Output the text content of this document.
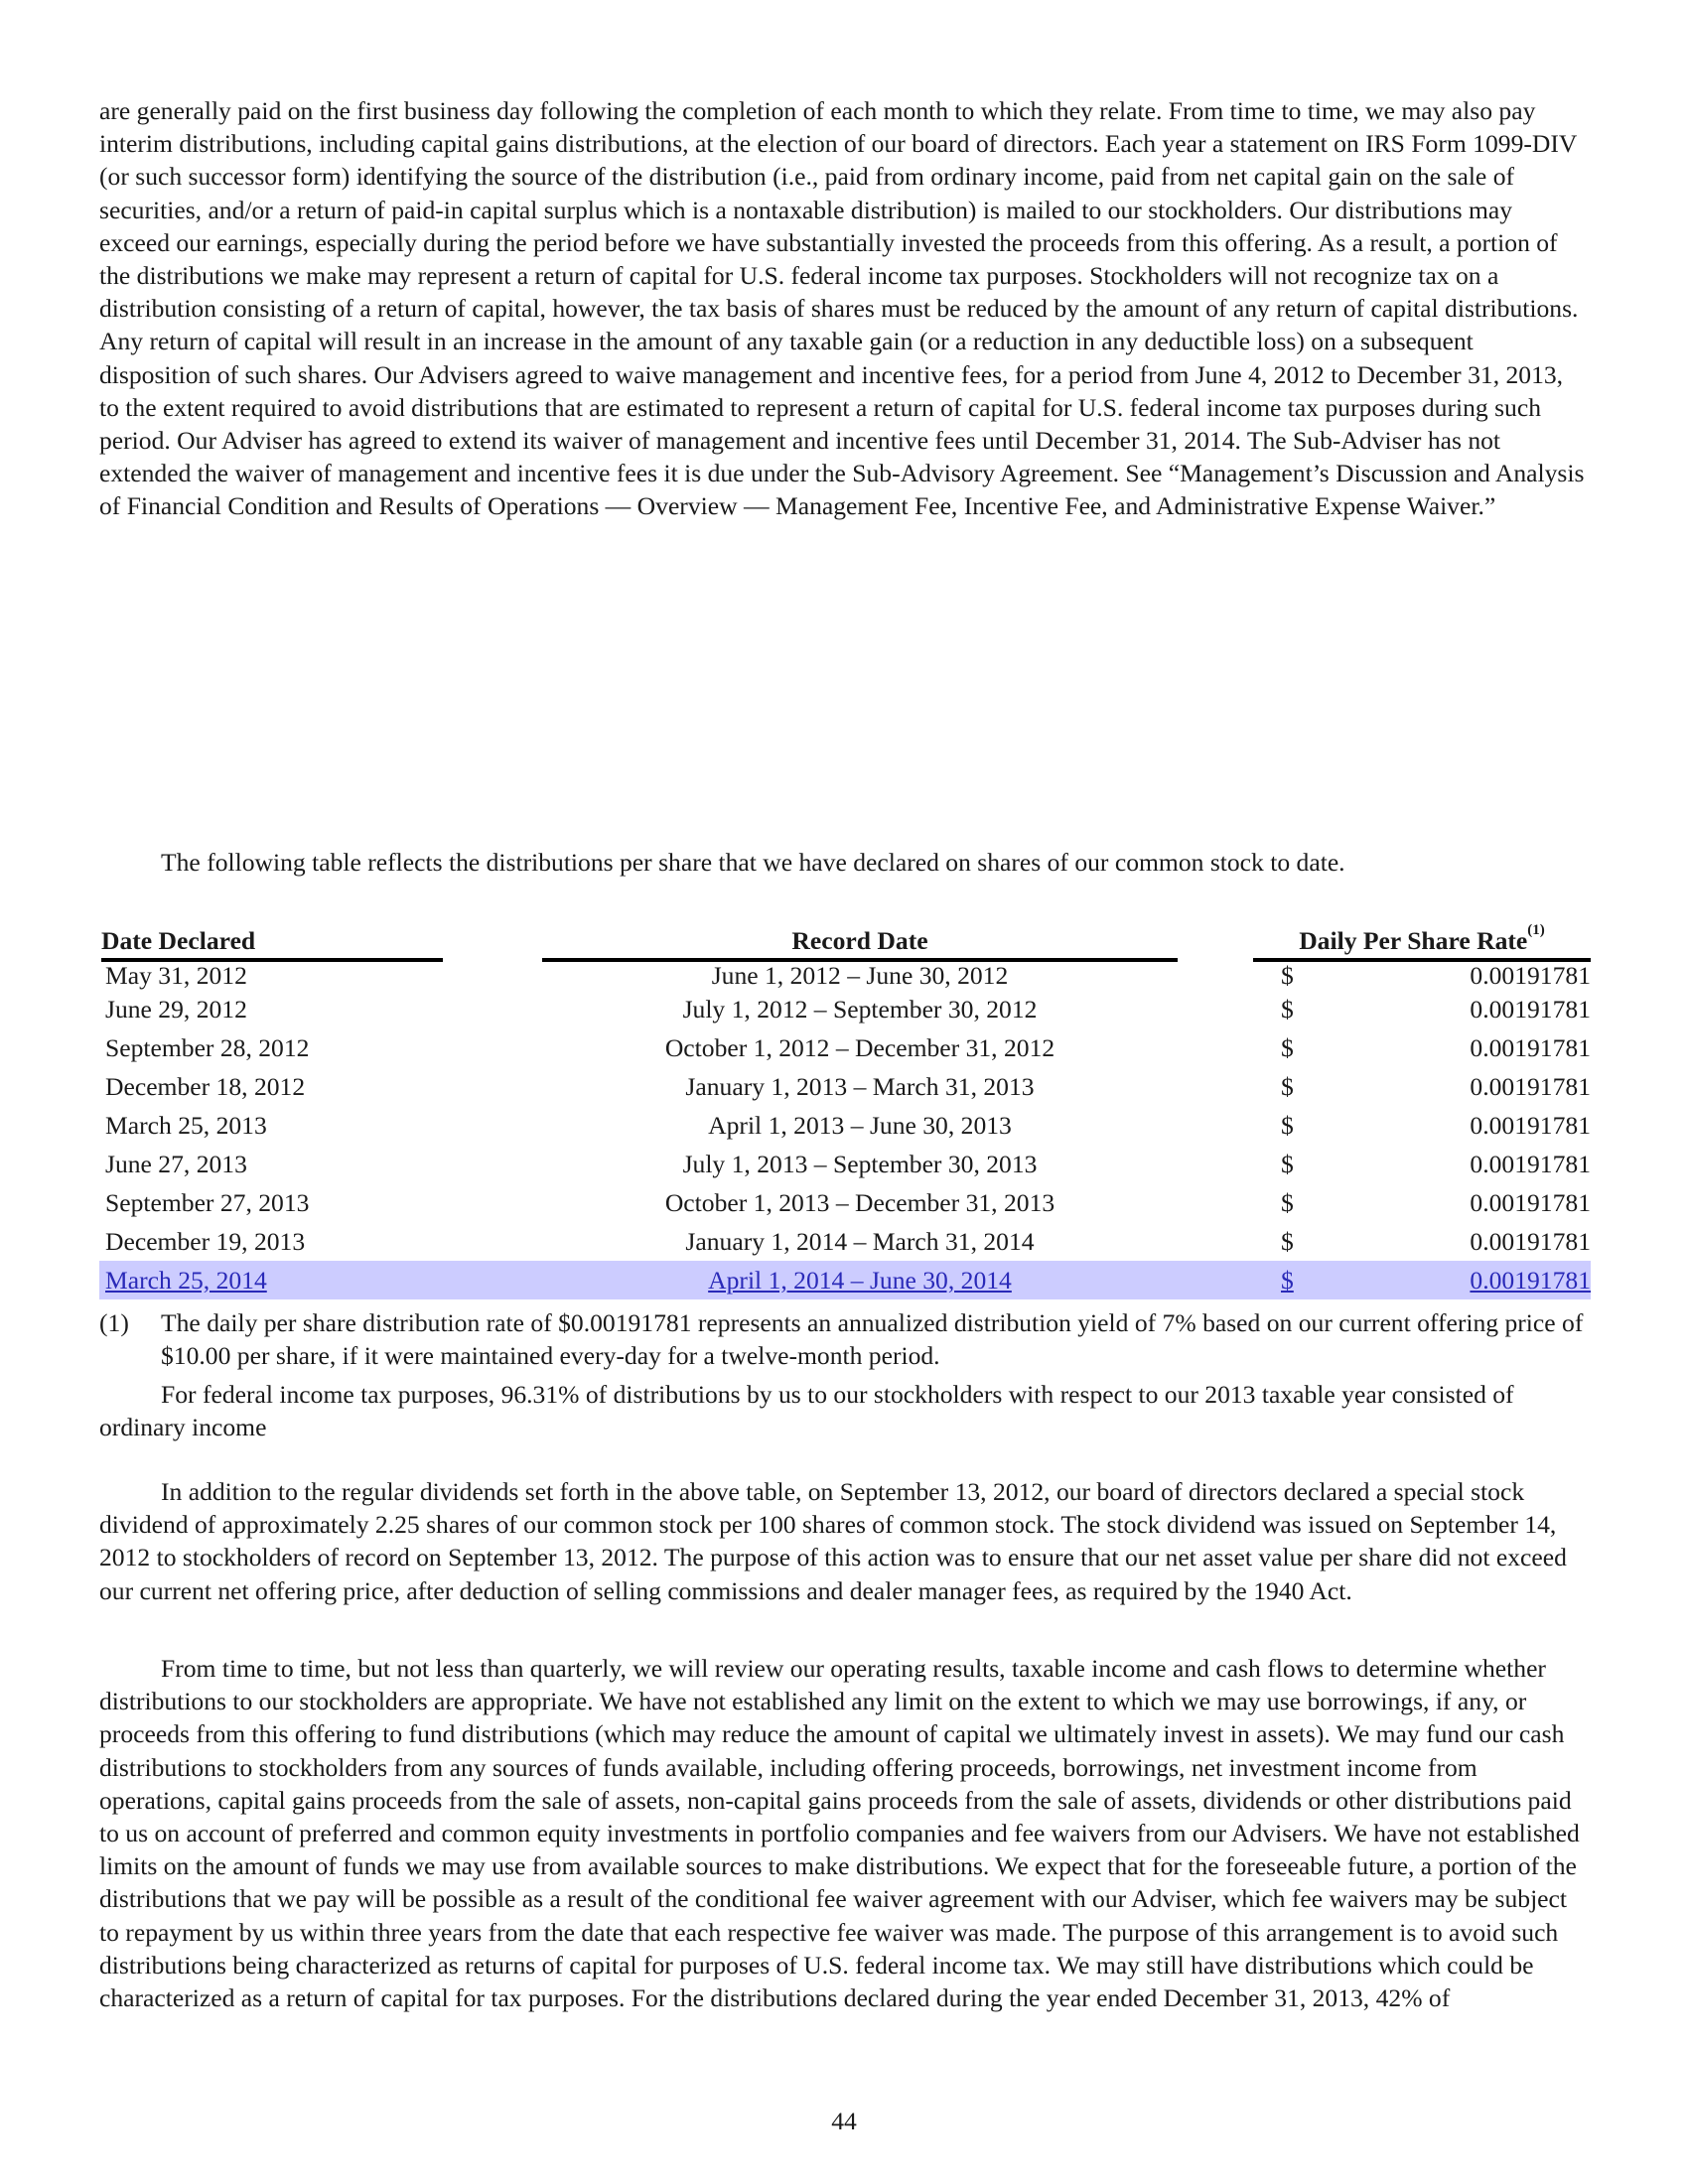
are generally paid on the first business day following the completion of each month to which they relate. From time to time, we may also pay interim distributions, including capital gains distributions, at the election of our board of directors. Each year a statement on IRS Form 1099-DIV (or such successor form) identifying the source of the distribution (i.e., paid from ordinary income, paid from net capital gain on the sale of securities, and/or a return of paid-in capital surplus which is a nontaxable distribution) is mailed to our stockholders. Our distributions may exceed our earnings, especially during the period before we have substantially invested the proceeds from this offering. As a result, a portion of the distributions we make may represent a return of capital for U.S. federal income tax purposes. Stockholders will not recognize tax on a distribution consisting of a return of capital, however, the tax basis of shares must be reduced by the amount of any return of capital distributions. Any return of capital will result in an increase in the amount of any taxable gain (or a reduction in any deductible loss) on a subsequent disposition of such shares. Our Advisers agreed to waive management and incentive fees, for a period from June 4, 2012 to December 31, 2013, to the extent required to avoid distributions that are estimated to represent a return of capital for U.S. federal income tax purposes during such period. Our Adviser has agreed to extend its waiver of management and incentive fees until December 31, 2014. The Sub-Adviser has not extended the waiver of management and incentive fees it is due under the Sub-Advisory Agreement. See “Management’s Discussion and Analysis of Financial Condition and Results of Operations — Overview — Management Fee, Incentive Fee, and Administrative Expense Waiver.”

The following table reflects the distributions per share that we have declared on shares of our common stock to date.

Date Declared	Record Date	Daily Per Share Rate$^{(1)}$
May 31, 2012	June 1, 2012 – June 30, 2012	$	0.00191781
June 29, 2012	July 1, 2012 – September 30, 2012	$	0.00191781
September 28, 2012	October 1, 2012 – December 31, 2012	$	0.00191781
December 18, 2012	January 1, 2013 – March 31, 2013	$	0.00191781
March 25, 2013	April 1, 2013 – June 30, 2013	$	0.00191781
June 27, 2013	July 1, 2013 – September 30, 2013	$	0.00191781
September 27, 2013	October 1, 2013 – December 31, 2013	$	0.00191781
December 19, 2013	January 1, 2014 – March 31, 2014	$	0.00191781
March 25, 2014	April 1, 2014 – June 30, 2014	$	0.00191781
(1) The daily per share distribution rate of $0.00191781 represents an annualized distribution yield of 7% based on our current offering price of $10.00 per share, if it were maintained every-day for a twelve-month period.

For federal income tax purposes, 96.31% of distributions by us to our stockholders with respect to our 2013 taxable year consisted of ordinary income

In addition to the regular dividends set forth in the above table, on September 13, 2012, our board of directors declared a special stock dividend of approximately 2.25 shares of our common stock per 100 shares of common stock. The stock dividend was issued on September 14, 2012 to stockholders of record on September 13, 2012. The purpose of this action was to ensure that our net asset value per share did not exceed our current net offering price, after deduction of selling commissions and dealer manager fees, as required by the 1940 Act.

From time to time, but not less than quarterly, we will review our operating results, taxable income and cash flows to determine whether distributions to our stockholders are appropriate. We have not established any limit on the extent to which we may use borrowings, if any, or proceeds from this offering to fund distributions (which may reduce the amount of capital we ultimately invest in assets). We may fund our cash distributions to stockholders from any sources of funds available, including offering proceeds, borrowings, net investment income from operations, capital gains proceeds from the sale of assets, non-capital gains proceeds from the sale of assets, dividends or other distributions paid to us on account of preferred and common equity investments in portfolio companies and fee waivers from our Advisers. We have not established limits on the amount of funds we may use from available sources to make distributions. We expect that for the foreseeable future, a portion of the distributions that we pay will be possible as a result of the conditional fee waiver agreement with our Adviser, which fee waivers may be subject to repayment by us within three years from the date that each respective fee waiver was made. The purpose of this arrangement is to avoid such distributions being characterized as returns of capital for purposes of U.S. federal income tax. We may still have distributions which could be characterized as a return of capital for tax purposes. For the distributions declared during the year ended December 31, 2013, 42% of

44
